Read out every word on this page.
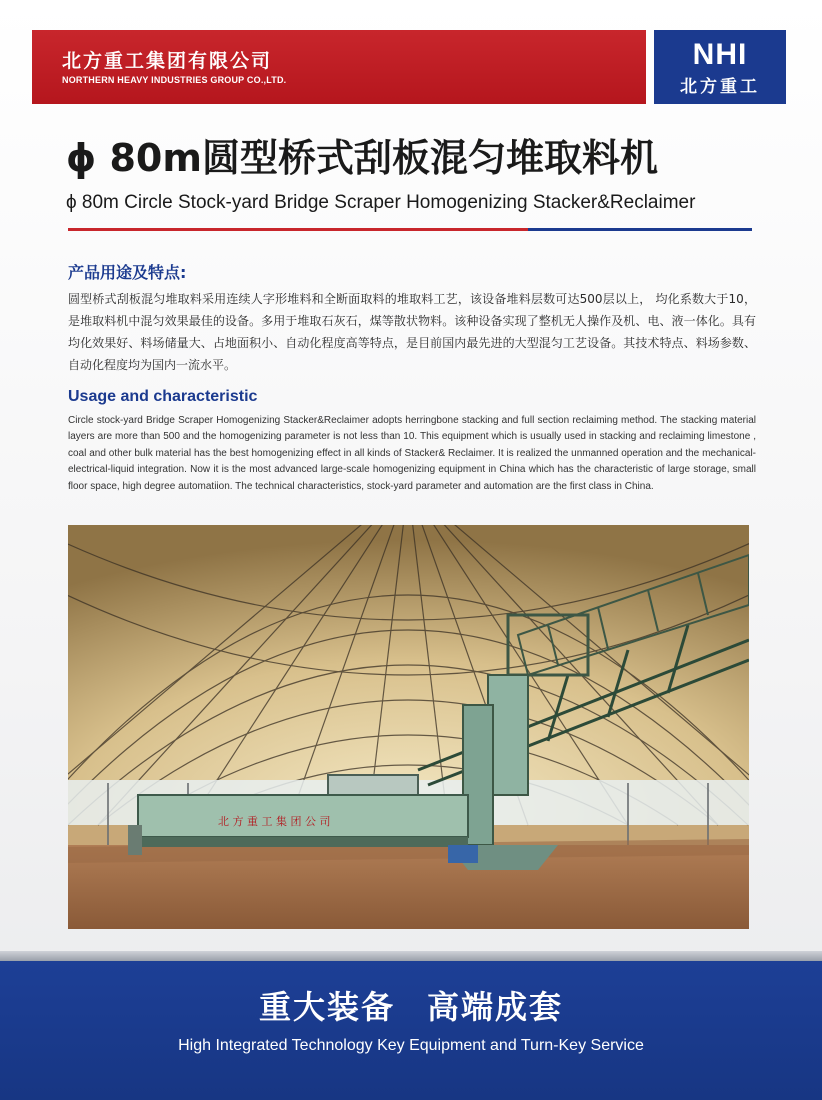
北方重工集团有限公司
NORTHERN HEAVY INDUSTRIES GROUP CO.,LTD.
NHI
北方重工
ϕ 80m圆型桥式刮板混匀堆取料机
ϕ 80m Circle Stock-yard Bridge Scraper Homogenizing Stacker&Reclaimer
产品用途及特点:
圆型桥式刮板混匀堆取料采用连续人字形堆料和全断面取料的堆取料工艺，该设备堆料层数可达500层以上， 均化系数大于10，是堆取料机中混匀效果最佳的设备。多用于堆取石灰石，煤等散状物料。该种设备实现了整机无人操作及机、电、液一体化。具有均化效果好、料场储量大、占地面积小、自动化程度高等特点，是目前国内最先进的大型混匀工艺设备。其技术特点、料场参数、自动化程度均为国内一流水平。
Usage and characteristic
Circle stock-yard Bridge Scraper Homogenizing Stacker&Reclaimer adopts herringbone stacking and full section reclaiming method. The stacking material layers are more than 500 and the homogenizing parameter is not less than 10. This equipment which is usually used in stacking and reclaiming limestone , coal and other bulk material has the best homogenizing effect in all kinds of Stacker& Reclaimer. It is realized the unmanned operation and the mechanical-electrical-liquid integration. Now it is the most advanced large-scale homogenizing equipment in China which has the characteristic of large storage, small floor space, high degree automatiion. The technical characteristics, stock-yard parameter and automation are the first class in China.
北 方 重 工 集 团 公 司
重大装备 高端成套
High Integrated Technology Key Equipment and Turn-Key Service
